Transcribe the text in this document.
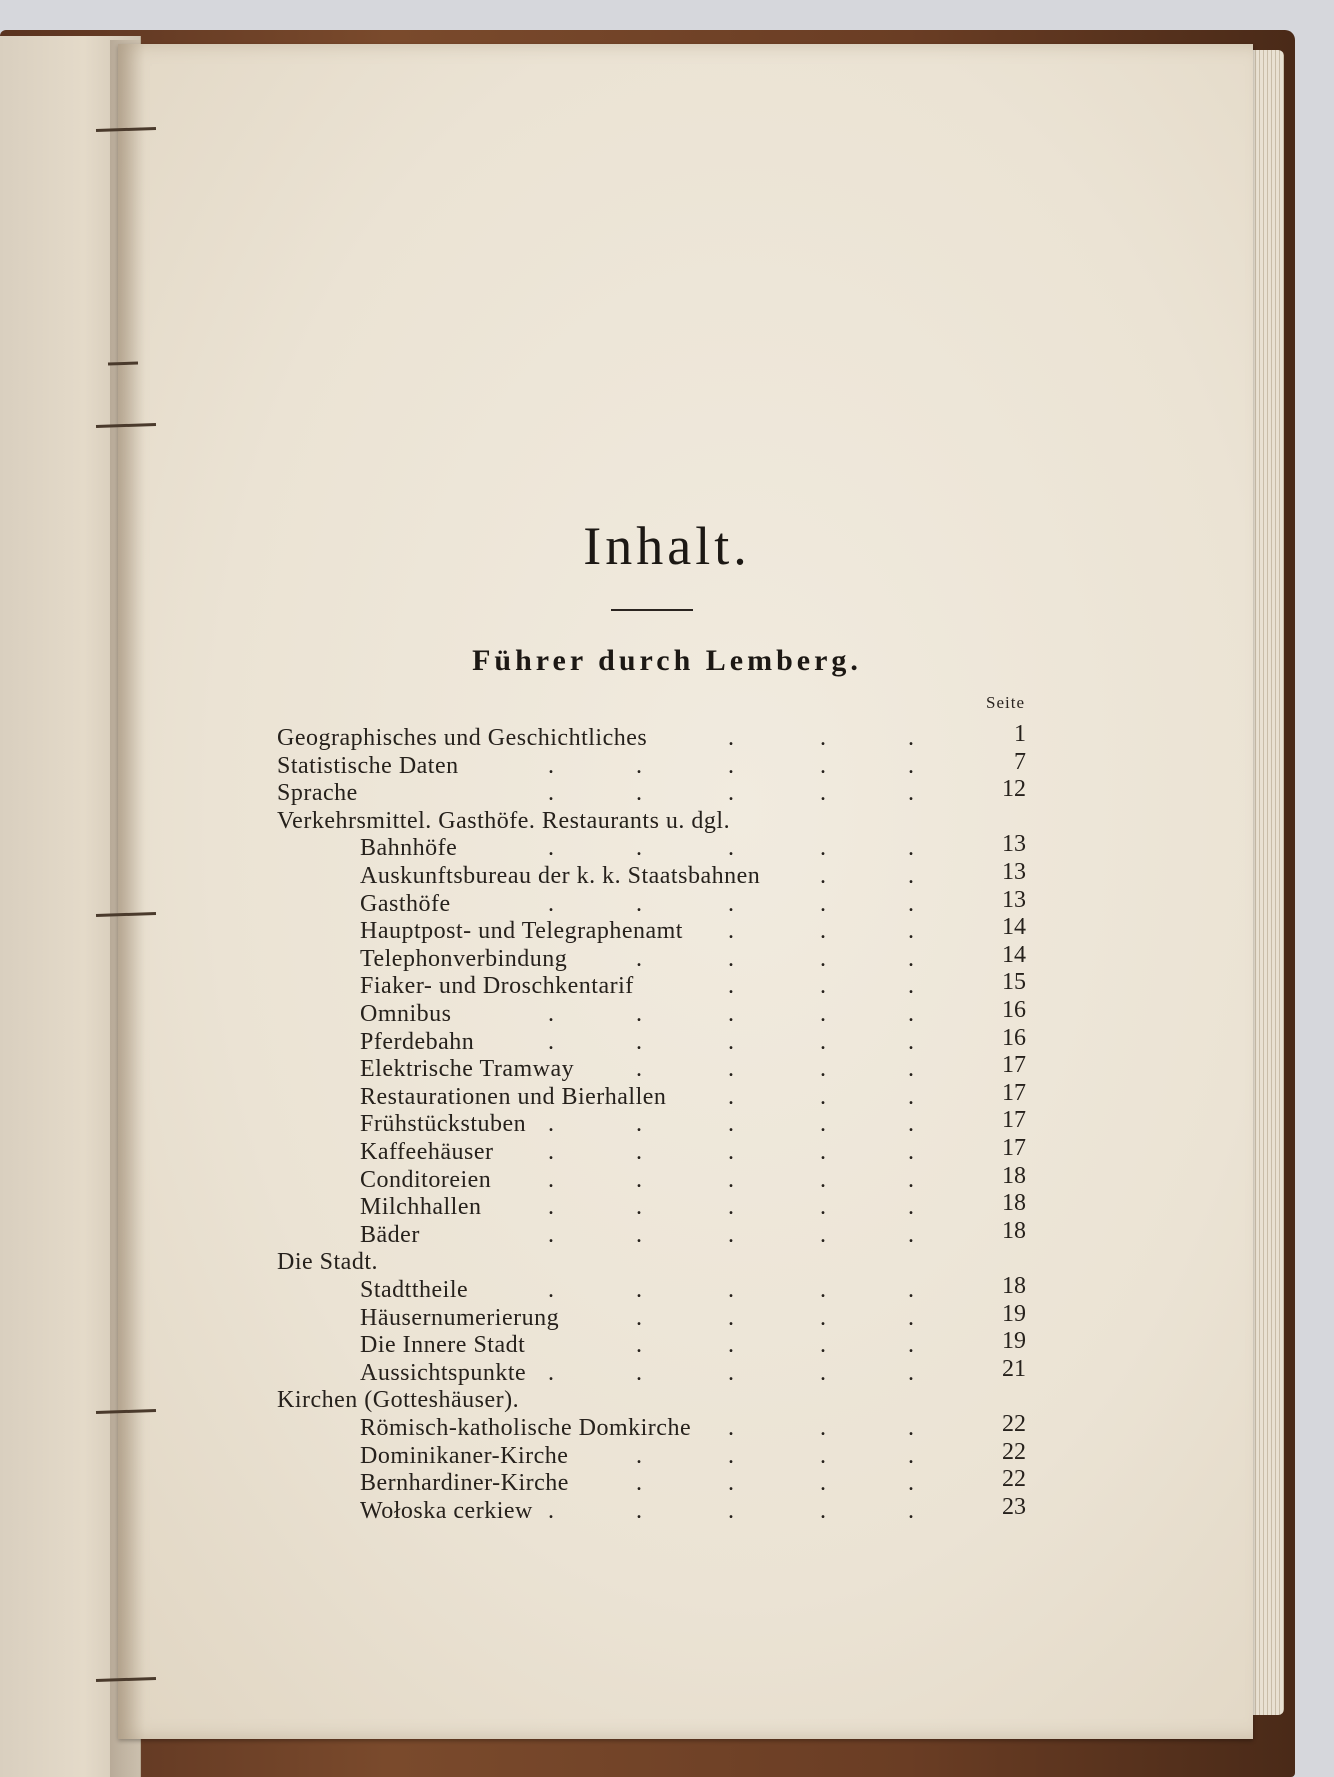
Inhalt.
Führer durch Lemberg.
Seite
Geographisches und Geschichtliches	.	.	.	1
Statistische Daten	.	.	.	.	.	7
Sprache	.	.	.	.	.	12
Verkehrsmittel. Gasthöfe. Restaurants u. dgl.
Bahnhöfe	.	.	.	.	.	13
Auskunftsbureau der k. k. Staatsbahnen .	.	13
Gasthöfe	.	.	.	.	.	13
Hauptpost- und Telegraphenamt .	.	.	14
Telephonverbindung	.	.	.	.	14
Fiaker- und Droschkentarif	.	.	.	15
Omnibus	.	.	.	.	.	16
Pferdebahn	.	.	.	.	.	16
Elektrische Tramway	.	.	.	.	17
Restaurationen und Bierhallen	.	.	.	17
Frühstückstuben .	.	.	.	.	17
Kaffeehäuser .	.	.	.	.	17
Conditoreien .	.	.	.	.	18
Milchhallen	.	.	.	.	.	18
Bäder	.	.	.	.	.	18
Die Stadt.
Stadttheile	.	.	.	.	.	18
Häusernumerierung	.	.	.	.	19
Die Innere Stadt	.	.	.	.	19
Aussichtspunkte .	.	.	.	.	21
Kirchen (Gotteshäuser).
Römisch-katholische Domkirche .	.	.	22
Dominikaner-Kirche	.	.	.	.	22
Bernhardiner-Kirche	.	.	.	.	22
Wołoska cerkiew .	.	.	.	.	23
